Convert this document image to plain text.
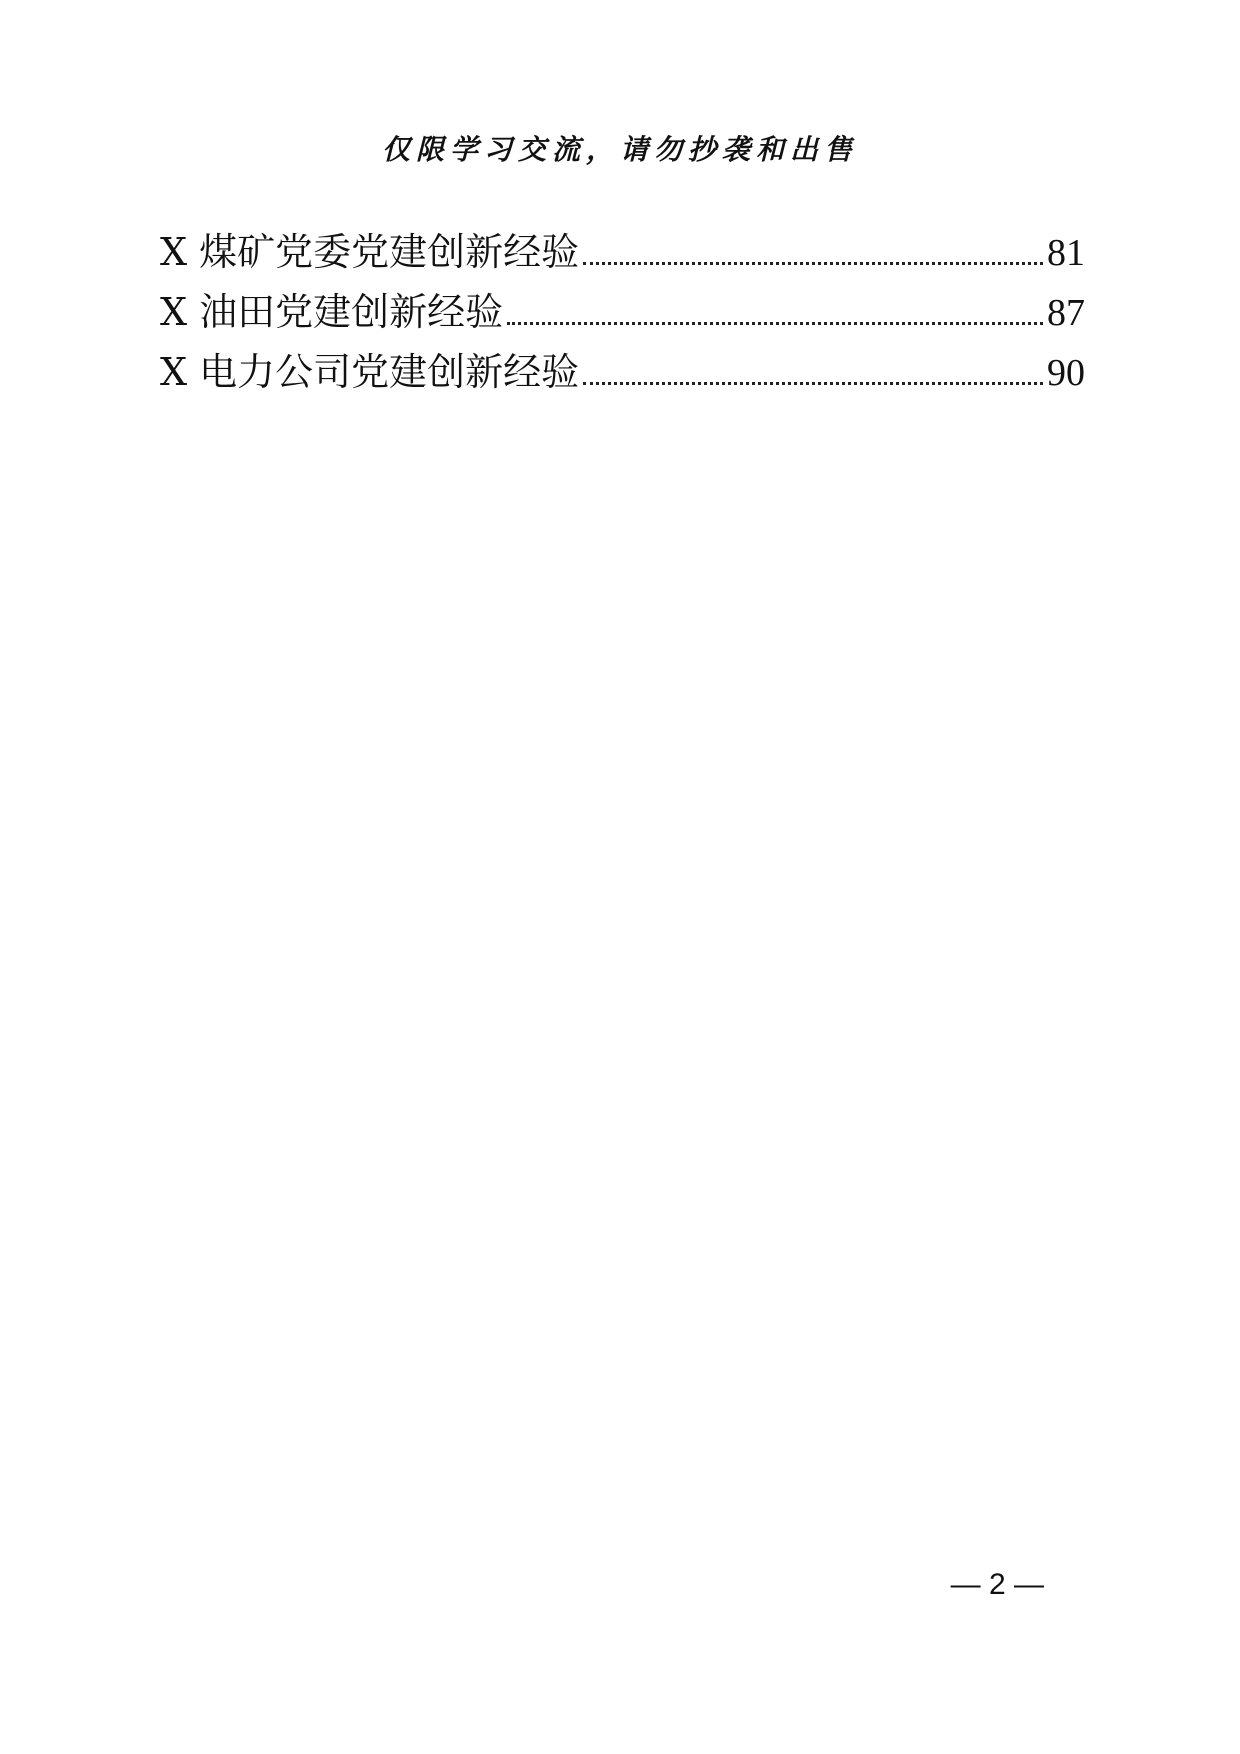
仅限学习交流，请勿抄袭和出售
X 煤矿党委党建创新经验	81
X 油田党建创新经验	87
X 电力公司党建创新经验	90
— 2 —
